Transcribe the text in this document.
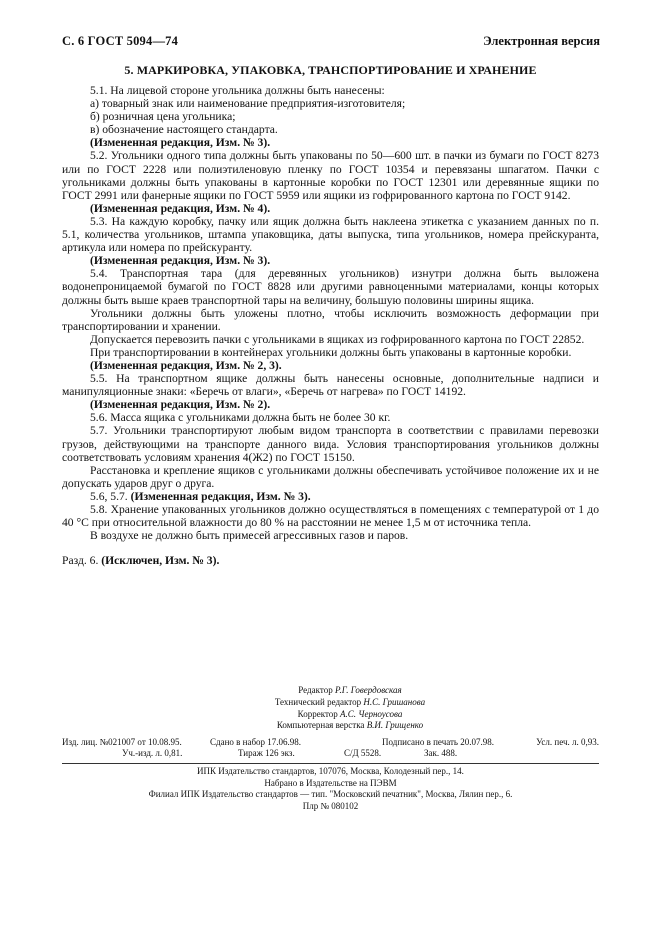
С. 6 ГОСТ 5094—74	Электронная версия
5. МАРКИРОВКА, УПАКОВКА, ТРАНСПОРТИРОВАНИЕ И ХРАНЕНИЕ

5.1. На лицевой стороне угольника должны быть нанесены:

а) товарный знак или наименование предприятия-изготовителя;

б) розничная цена угольника;

в) обозначение настоящего стандарта.

(Измененная редакция, Изм. № 3).

5.2. Угольники одного типа должны быть упакованы по 50—600 шт. в пачки из бумаги по ГОСТ 8273 или по ГОСТ 2228 или полиэтиленовую пленку по ГОСТ 10354 и перевязаны шпагатом. Пачки с угольниками должны быть упакованы в картонные коробки по ГОСТ 12301 или деревянные ящики по ГОСТ 2991 или фанерные ящики по ГОСТ 5959 или ящики из гофрированного картона по ГОСТ 9142.

(Измененная редакция, Изм. № 4).

5.3. На каждую коробку, пачку или ящик должна быть наклеена этикетка с указанием данных по п. 5.1, количества угольников, штампа упаковщика, даты выпуска, типа угольников, номера прейскуранта, артикула или номера по прейскуранту.

(Измененная редакция, Изм. № 3).

5.4. Транспортная тара (для деревянных угольников) изнутри должна быть выложена водонепроницаемой бумагой по ГОСТ 8828 или другими равноценными материалами, концы которых должны быть выше краев транспортной тары на величину, большую половины ширины ящика.

Угольники должны быть уложены плотно, чтобы исключить возможность деформации при транспортировании и хранении.

Допускается перевозить пачки с угольниками в ящиках из гофрированного картона по ГОСТ 22852.

При транспортировании в контейнерах угольники должны быть упакованы в картонные коробки.

(Измененная редакция, Изм. № 2, 3).

5.5. На транспортном ящике должны быть нанесены основные, дополнительные надписи и манипуляционные знаки: «Беречь от влаги», «Беречь от нагрева» по ГОСТ 14192.

(Измененная редакция, Изм. № 2).

5.6. Масса ящика с угольниками должна быть не более 30 кг.

5.7. Угольники транспортируют любым видом транспорта в соответствии с правилами перевозки грузов, действующими на транспорте данного вида. Условия транспортирования угольников должны соответствовать условиям хранения 4(Ж2) по ГОСТ 15150.

Расстановка и крепление ящиков с угольниками должны обеспечивать устойчивое положение их и не допускать ударов друг о друга.

5.6, 5.7. (Измененная редакция, Изм. № 3).

5.8. Хранение упакованных угольников должно осуществляться в помещениях с температурой от 1 до 40 °С при относительной влажности до 80 % на расстоянии не менее 1,5 м от источника тепла.

В воздухе не должно быть примесей агрессивных газов и паров.

Разд. 6. (Исключен, Изм. № 3).

Редактор Р.Г. Говердовская
Технический редактор Н.С. Гришанова
Корректор А.С. Черноусова
Компьютерная верстка В.И. Грищенко
Изд. лиц. №021007 от 10.08.95.	Сдано в набор 17.06.98.	Подписано в печать 20.07.98.	Усл. печ. л. 0,93.
Уч.-изд. л. 0,81.	Тираж 126 экз.	С/Д 5528.	Зак. 488.
ИПК Издательство стандартов, 107076, Москва, Колодезный пер., 14.
Набрано в Издательстве на ПЭВМ
Филиал ИПК Издательство стандартов — тип. "Московский печатник", Москва, Лялин пер., 6.
Плр № 080102
